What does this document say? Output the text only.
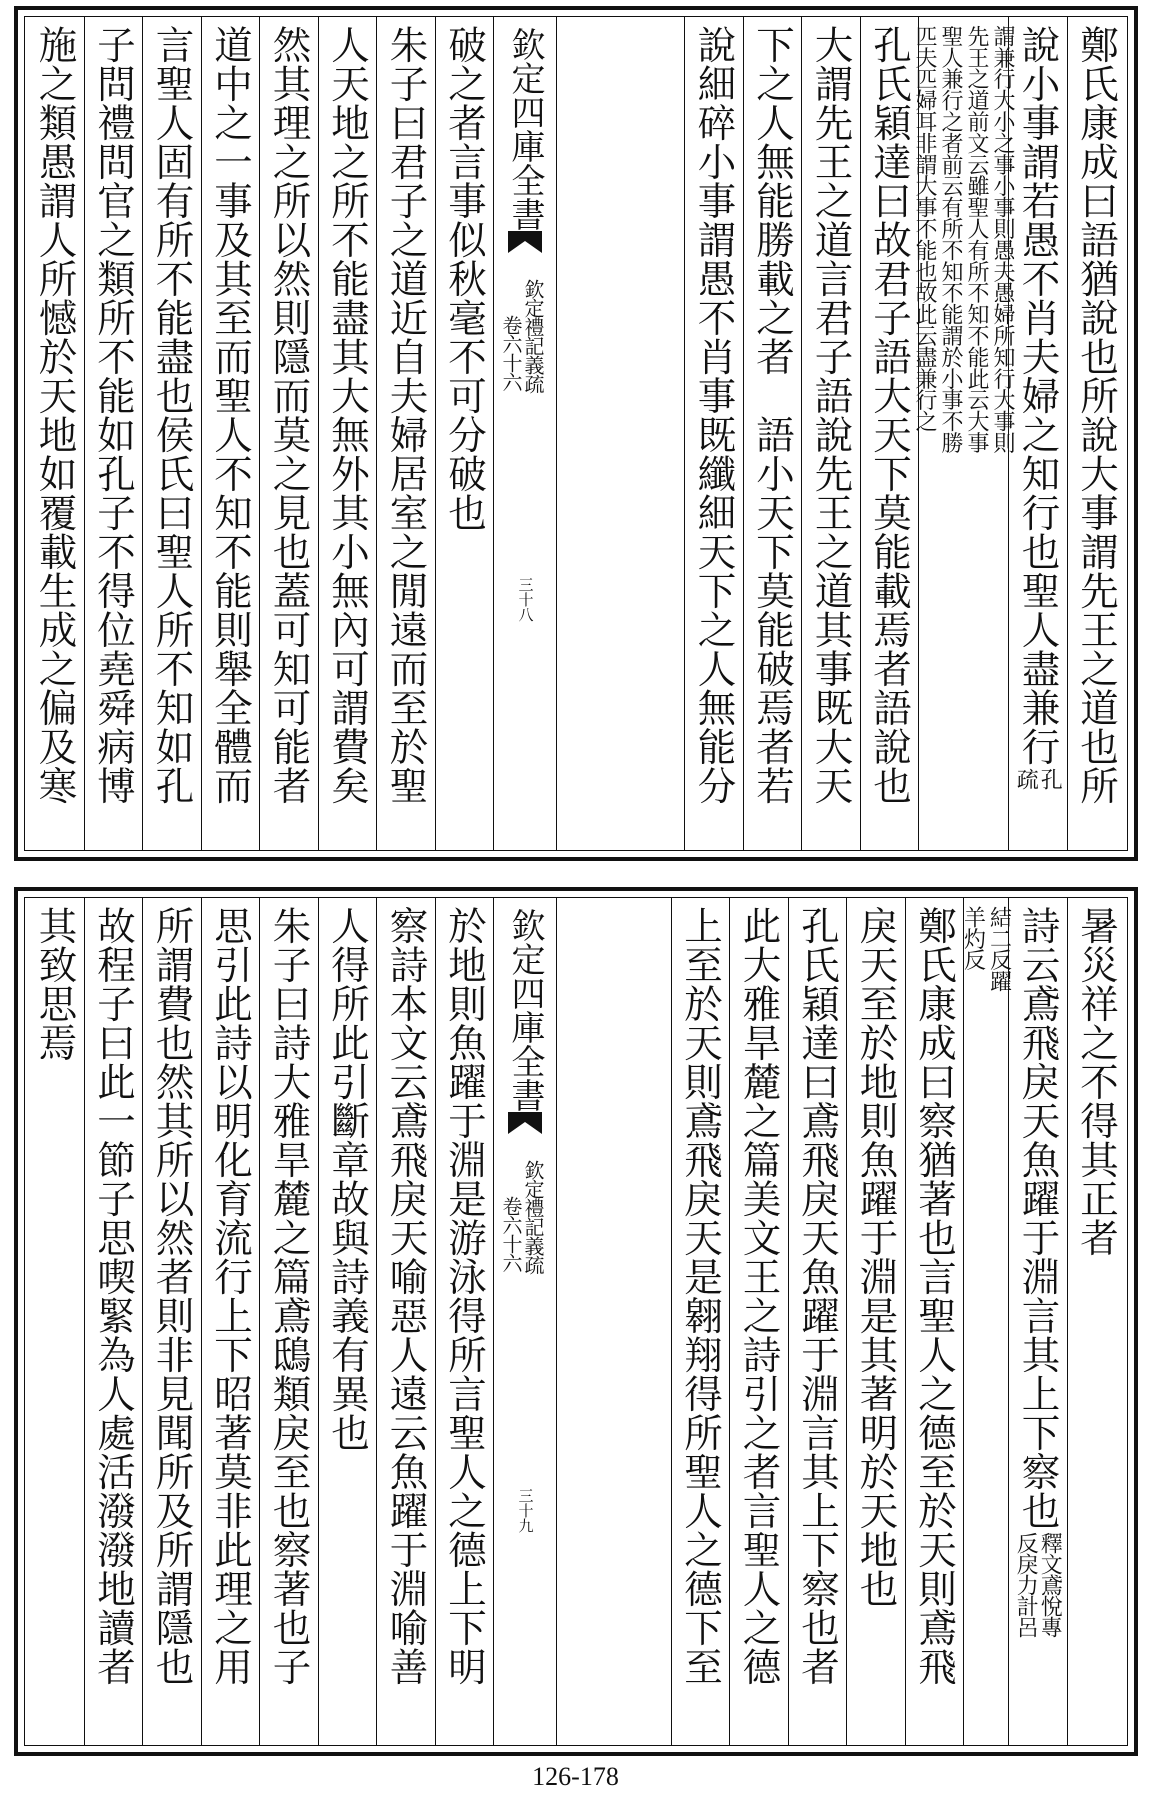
鄭氏康成曰語猶說也所說大事謂先王之道也所
說小事謂若愚不肖夫婦之知行也聖人盡兼行
孔
疏
謂兼行大小之事小事則愚夫愚婦所知行大事則
先王之道前文云雖聖人有所不知不能此云大事
聖人兼行之者前云有所不知不能謂於小事不勝
匹夫匹婦耳非謂大事不能也故此云盡兼行之
孔氏穎達曰故君子語大天下莫能載焉者語說也
大謂先王之道言君子語說先王之道其事既大天
下之人無能勝載之者　語小天下莫能破焉者若
說細碎小事謂愚不肖事既纖細天下之人無能分
破之者言事似秋毫不可分破也
朱子曰君子之道近自夫婦居室之閒遠而至於聖
人天地之所不能盡其大無外其小無內可謂費矣
然其理之所以然則隱而莫之見也蓋可知可能者
道中之一事及其至而聖人不知不能則舉全體而
言聖人固有所不能盡也侯氏曰聖人所不知如孔
子問禮問官之類所不能如孔子不得位堯舜病博
施之類愚謂人所憾於天地如覆載生成之偏及寒	欽定四庫全書
欽定禮記義疏
卷六十六
三十八
暑災祥之不得其正者
詩云鳶飛戾天魚躍于淵言其上下察也
釋文鳶悅專
反戾力計呂
結二反躍
羊灼反
鄭氏康成曰察猶著也言聖人之德至於天則鳶飛
戾天至於地則魚躍于淵是其著明於天地也
孔氏穎達曰鳶飛戾天魚躍于淵言其上下察也者
此大雅旱麓之篇美文王之詩引之者言聖人之德
上至於天則鳶飛戾天是翱翔得所聖人之德下至
於地則魚躍于淵是游泳得所言聖人之德上下明
察詩本文云鳶飛戾天喻惡人遠云魚躍于淵喻善
人得所此引斷章故與詩義有異也
朱子曰詩大雅旱麓之篇鳶鴟類戾至也察著也子
思引此詩以明化育流行上下昭著莫非此理之用
所謂費也然其所以然者則非見聞所及所謂隱也
故程子曰此一節子思喫緊為人處活潑潑地讀者
其致思焉	欽定四庫全書
欽定禮記義疏
卷六十六
三十九
126-178
